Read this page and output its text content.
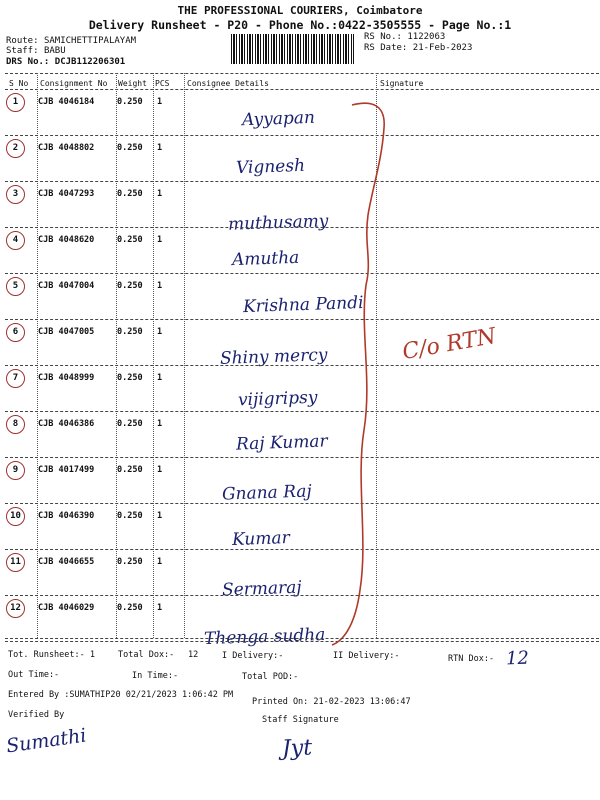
THE PROFESSIONAL COURIERS, Coimbatore
Delivery Runsheet - P20 - Phone No.:0422-3505555 - Page No.:1
Route: SAMICHETTIPALAYAM
Staff: BABU
DRS No.: DCJB112206301
RS No.: 1122063
RS Date: 21-Feb-2023
S No Consignment No Weight PCS Consignee Details	Signature
1	CJB 4046184	0.250 1
Ayyapan
2	CJB 4048802	0.250 1
Vignesh
3	CJB 4047293	0.250 1
muthusamy
4	CJB 4048620	0.250 1
Amutha
5	CJB 4047004	0.250 1
Krishna Pandi
6	CJB 4047005	0.250 1
Shiny mercy
7	CJB 4048999	0.250 1
vijigripsy
8	CJB 4046386	0.250 1
Raj Kumar
9	CJB 4017499	0.250 1
Gnana Raj
10	CJB 4046390	0.250 1
Kumar
11	CJB 4046655	0.250 1
Sermaraj
12	CJB 4046029	0.250 1
Thenga sudha
C/o RTN
Tot. Runsheet:- 1	Total Dox:- 12	I Delivery:-	II Delivery:-	RTN Dox:- 12
Out Time:-	In Time:-	Total POD:-
Entered By :SUMATHIP20 02/21/2023 1:06:42 PM
Printed On: 21-02-2023 13:06:47
Verified By	Staff Signature
Sumathi	Jyt
